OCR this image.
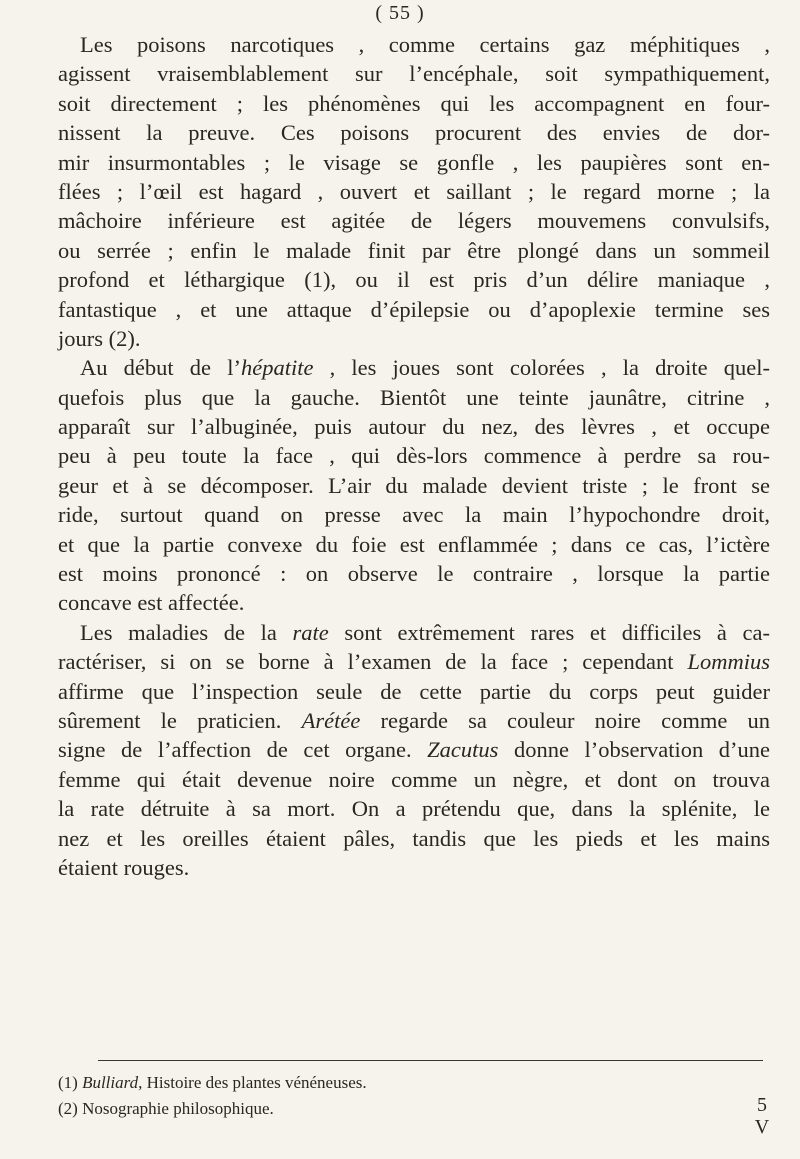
( 55 )
Les poisons narcotiques , comme certains gaz méphitiques ,
agissent vraisemblablement sur l’encéphale, soit sympathiquement,
soit directement ; les phénomènes qui les accompagnent en four-
nissent la preuve. Ces poisons procurent des envies de dor-
mir insurmontables ; le visage se gonfle , les paupières sont en-
flées ; l’œil est hagard , ouvert et saillant ; le regard morne ; la
mâchoire inférieure est agitée de légers mouvemens convulsifs,
ou serrée ; enfin le malade finit par être plongé dans un sommeil
profond et léthargique (1), ou il est pris d’un délire maniaque ,
fantastique , et une attaque d’épilepsie ou d’apoplexie termine ses
jours (2).
Au début de l’hépatite , les joues sont colorées , la droite quel-
quefois plus que la gauche. Bientôt une teinte jaunâtre, citrine ,
apparaît sur l’albuginée, puis autour du nez, des lèvres , et occupe
peu à peu toute la face , qui dès-lors commence à perdre sa rou-
geur et à se décomposer. L’air du malade devient triste ; le front se
ride, surtout quand on presse avec la main l’hypochondre droit,
et que la partie convexe du foie est enflammée ; dans ce cas, l’ictère
est moins prononcé : on observe le contraire , lorsque la partie
concave est affectée.
Les maladies de la rate sont extrêmement rares et difficiles à ca-
ractériser, si on se borne à l’examen de la face ; cependant Lommius
affirme que l’inspection seule de cette partie du corps peut guider
sûrement le praticien. Arétée regarde sa couleur noire comme un
signe de l’affection de cet organe. Zacutus donne l’observation d’une
femme qui était devenue noire comme un nègre, et dont on trouva
la rate détruite à sa mort. On a prétendu que, dans la splénite, le
nez et les oreilles étaient pâles, tandis que les pieds et les mains
étaient rouges.
(1) Bulliard, Histoire des plantes vénéneuses.
(2) Nosographie philosophique.	5
V
